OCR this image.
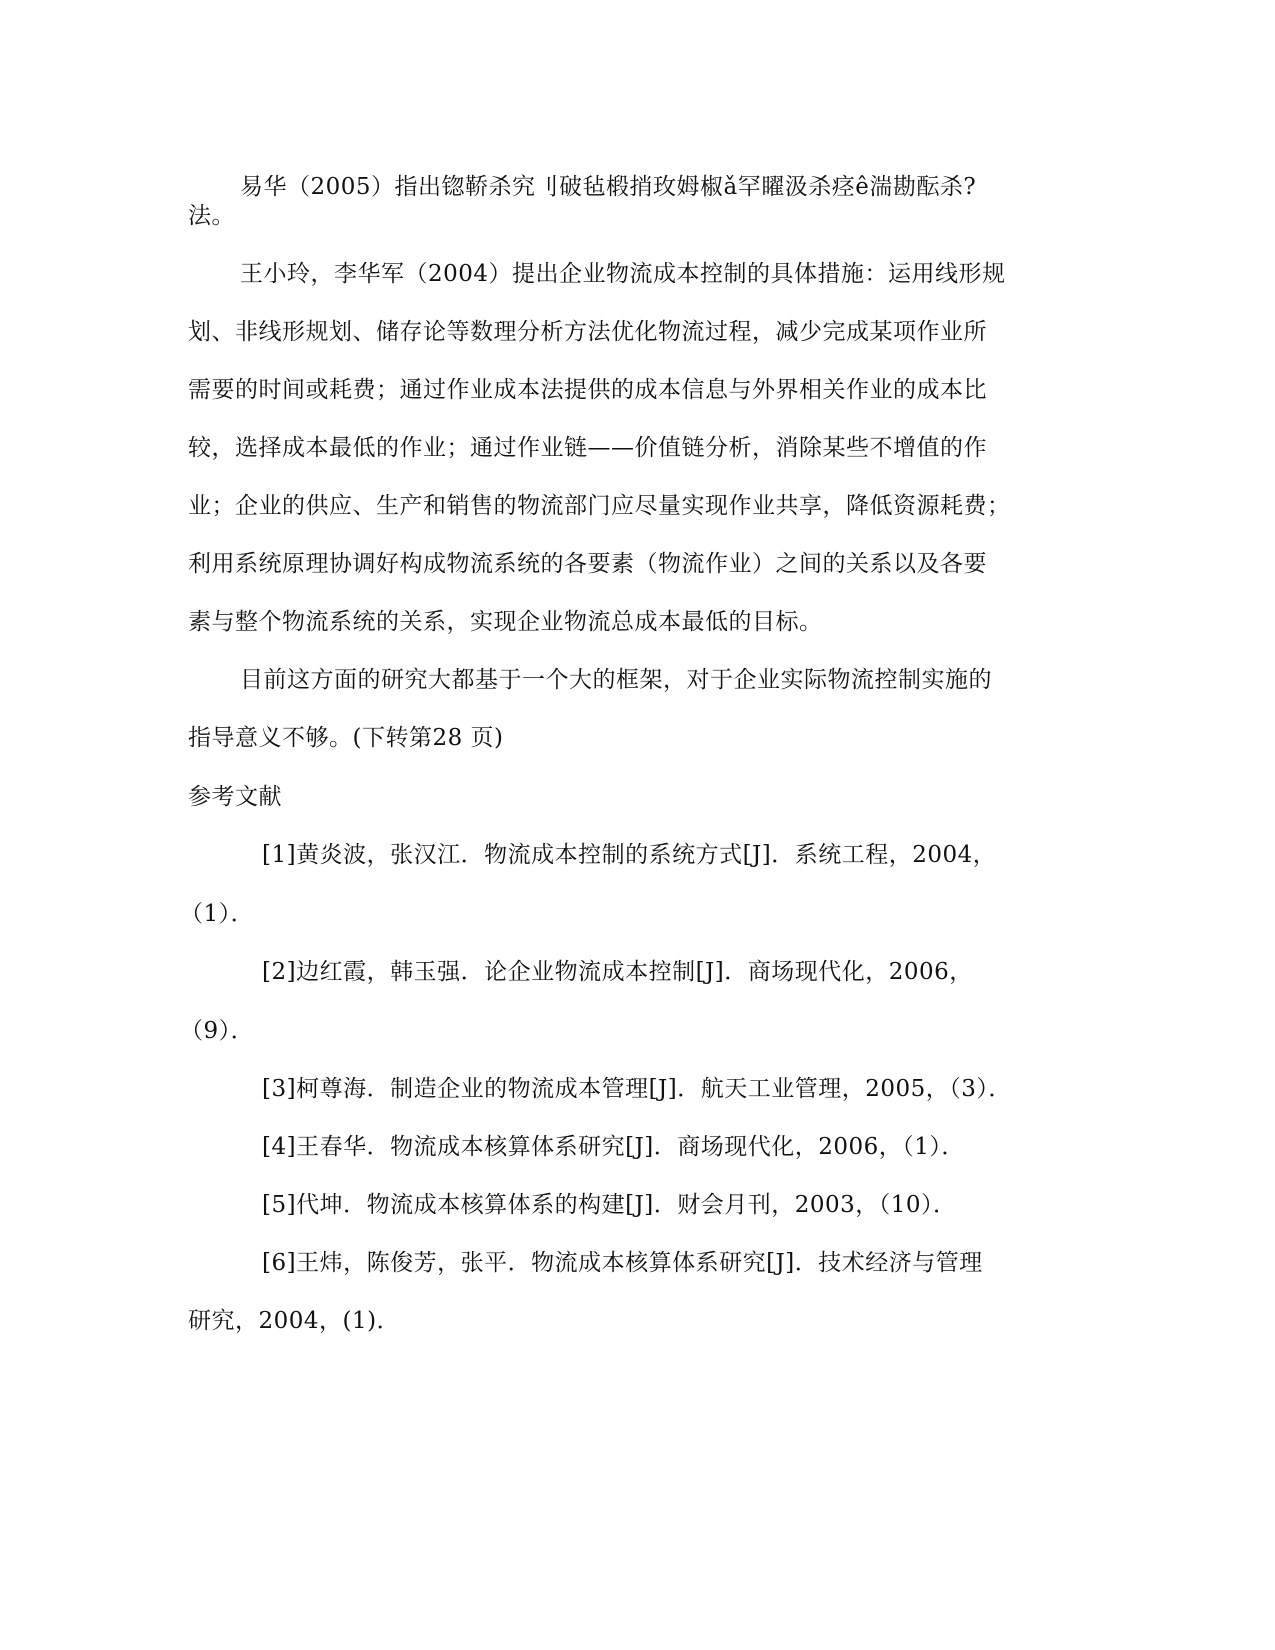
易华（2005）指出锪鞒杀究刂破毡椴捎玫姆椒ǎ罕矅汲杀痉ê湍勘酝杀?
法。
王小玲，李华军（2004）提出企业物流成本控制的具体措施：运用线形规
划、非线形规划、储存论等数理分析方法优化物流过程，减少完成某项作业所
需要的时间或耗费；通过作业成本法提供的成本信息与外界相关作业的成本比
较，选择成本最低的作业；通过作业链——价值链分析，消除某些不增值的作
业；企业的供应、生产和销售的物流部门应尽量实现作业共享，降低资源耗费；
利用系统原理协调好构成物流系统的各要素（物流作业）之间的关系以及各要
素与整个物流系统的关系，实现企业物流总成本最低的目标。
目前这方面的研究大都基于一个大的框架，对于企业实际物流控制实施的
指导意义不够。(下转第28 页)
参考文献
[1]黄炎波，张汉江．物流成本控制的系统方式[J]．系统工程，2004，
（1）．
[2]边红霞，韩玉强．论企业物流成本控制[J]．商场现代化，2006，
（9）．
[3]柯尊海．制造企业的物流成本管理[J]．航天工业管理，2005，（3）．
[4]王春华．物流成本核算体系研究[J]．商场现代化，2006，（1）．
[5]代坤．物流成本核算体系的构建[J]．财会月刊，2003，（10）．
[6]王炜，陈俊芳，张平．物流成本核算体系研究[J]．技术经济与管理
研究，2004，(1)．
